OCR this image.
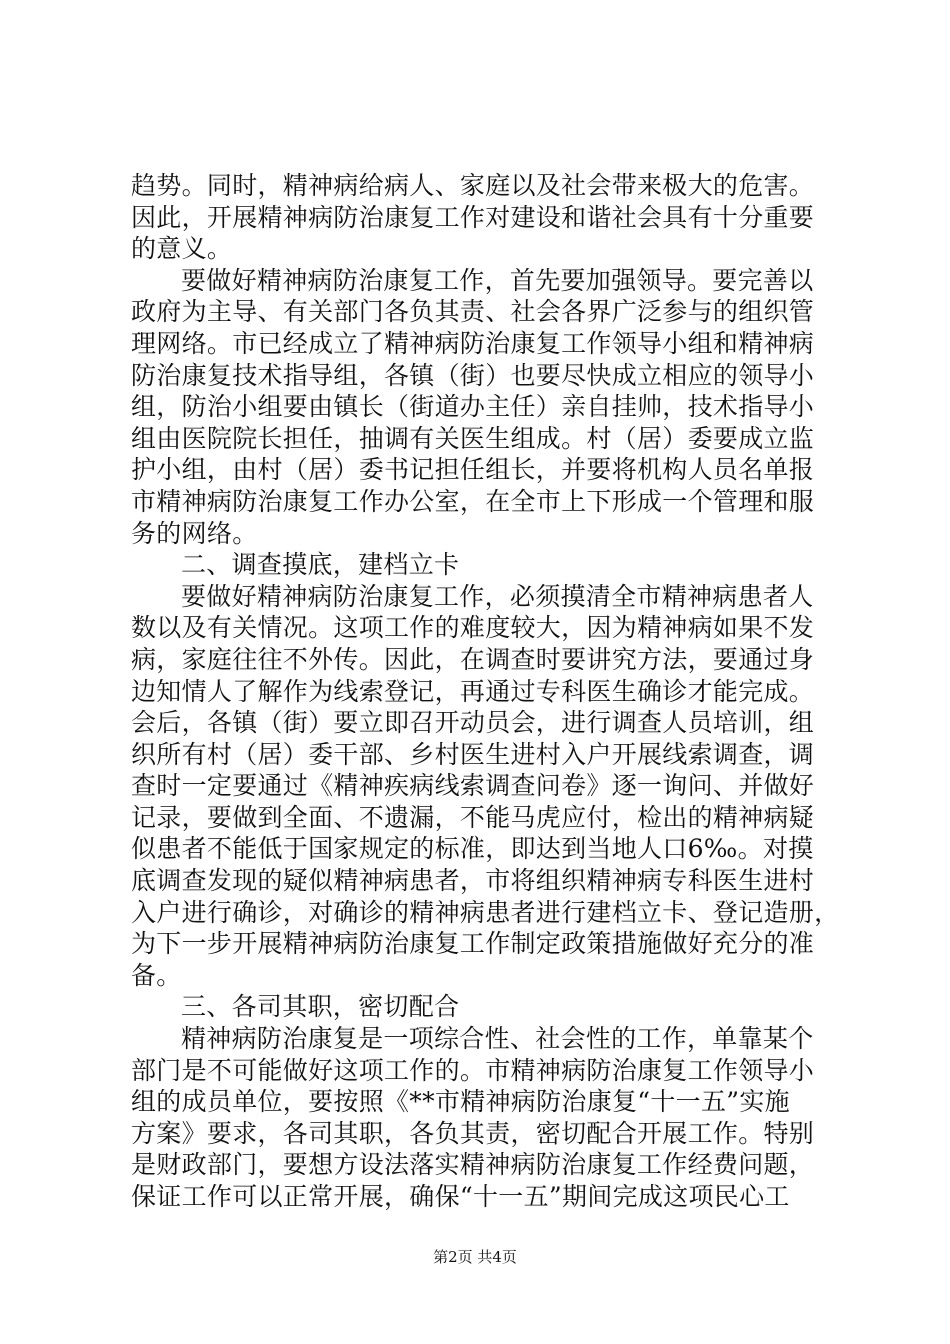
趋势。同时，精神病给病人、家庭以及社会带来极大的危害。
因此，开展精神病防治康复工作对建设和谐社会具有十分重要
的意义。
要做好精神病防治康复工作，首先要加强领导。要完善以
政府为主导、有关部门各负其责、社会各界广泛参与的组织管
理网络。市已经成立了精神病防治康复工作领导小组和精神病
防治康复技术指导组，各镇（街）也要尽快成立相应的领导小
组，防治小组要由镇长（街道办主任）亲自挂帅，技术指导小
组由医院院长担任，抽调有关医生组成。村（居）委要成立监
护小组，由村（居）委书记担任组长，并要将机构人员名单报
市精神病防治康复工作办公室，在全市上下形成一个管理和服
务的网络。
二、调查摸底，建档立卡
要做好精神病防治康复工作，必须摸清全市精神病患者人
数以及有关情况。这项工作的难度较大，因为精神病如果不发
病，家庭往往不外传。因此，在调查时要讲究方法，要通过身
边知情人了解作为线索登记，再通过专科医生确诊才能完成。
会后，各镇（街）要立即召开动员会，进行调查人员培训，组
织所有村（居）委干部、乡村医生进村入户开展线索调查，调
查时一定要通过《精神疾病线索调查问卷》逐一询问、并做好
记录，要做到全面、不遗漏，不能马虎应付，检出的精神病疑
似患者不能低于国家规定的标准，即达到当地人口6‰。对摸
底调查发现的疑似精神病患者，市将组织精神病专科医生进村
入户进行确诊，对确诊的精神病患者进行建档立卡、登记造册，
为下一步开展精神病防治康复工作制定政策措施做好充分的准
备。
三、各司其职，密切配合
精神病防治康复是一项综合性、社会性的工作，单靠某个
部门是不可能做好这项工作的。市精神病防治康复工作领导小
组的成员单位，要按照《**市精神病防治康复“十一五”实施
方案》要求，各司其职，各负其责，密切配合开展工作。特别
是财政部门，要想方设法落实精神病防治康复工作经费问题，
保证工作可以正常开展，确保“十一五”期间完成这项民心工
第2页 共4页
